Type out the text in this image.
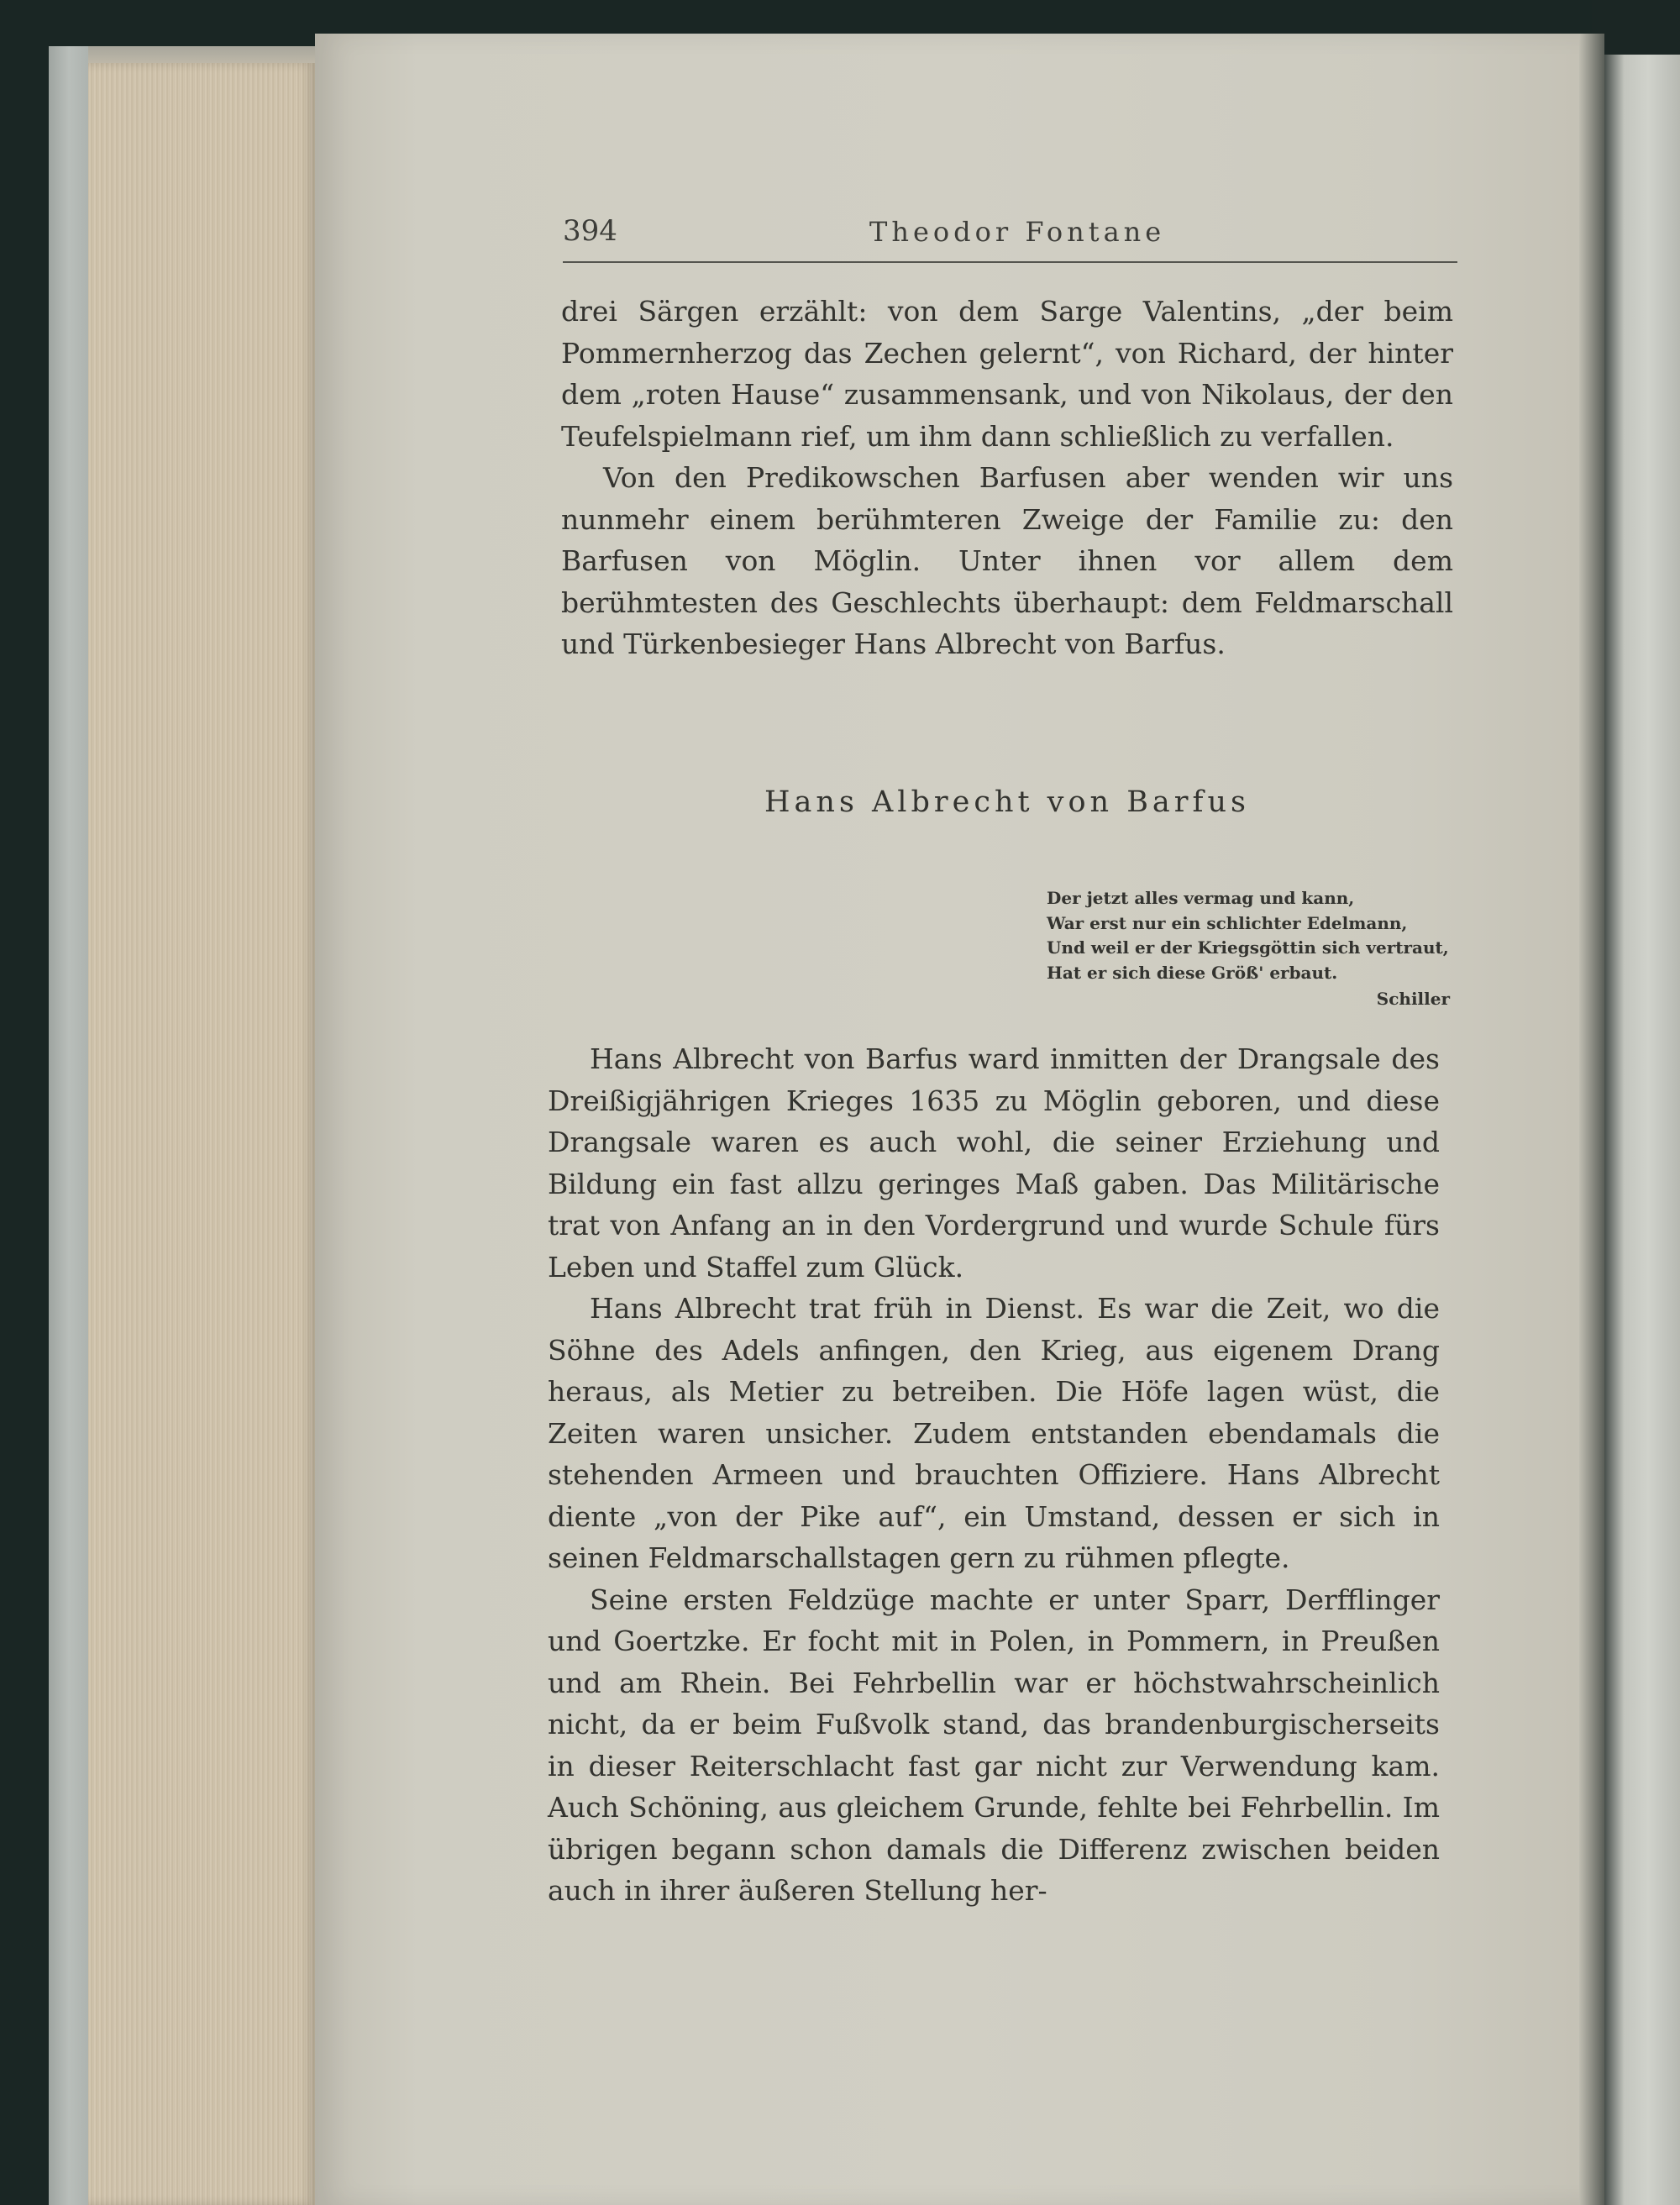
394	Theodor Fontane

drei Särgen erzählt: von dem Sarge Valentins, „der beim Pommernherzog das Zechen gelernt“, von Richard, der hinter dem „roten Hause“ zusammensank, und von Nikolaus, der den Teufelspielmann rief, um ihm dann schließlich zu verfallen.

Von den Predikowschen Barfusen aber wenden wir uns nunmehr einem berühmteren Zweige der Familie zu: den Barfusen von Möglin. Unter ihnen vor allem dem berühmtesten des Geschlechts überhaupt: dem Feldmarschall und Türkenbesieger Hans Albrecht von Barfus.

Hans Albrecht von Barfus
Der jetzt alles vermag und kann,
War erst nur ein schlichter Edelmann,
Und weil er der Kriegsgöttin sich vertraut,
Hat er sich diese Größ' erbaut.
Schiller

Hans Albrecht von Barfus ward inmitten der Drangsale des Dreißigjährigen Krieges 1635 zu Möglin geboren, und diese Drangsale waren es auch wohl, die seiner Erziehung und Bildung ein fast allzu geringes Maß gaben. Das Militärische trat von Anfang an in den Vordergrund und wurde Schule fürs Leben und Staffel zum Glück.

Hans Albrecht trat früh in Dienst. Es war die Zeit, wo die Söhne des Adels anfingen, den Krieg, aus eigenem Drang heraus, als Metier zu betreiben. Die Höfe lagen wüst, die Zeiten waren unsicher. Zudem entstanden ebendamals die stehenden Armeen und brauchten Offiziere. Hans Albrecht diente „von der Pike auf“, ein Umstand, dessen er sich in seinen Feldmarschallstagen gern zu rühmen pflegte.

Seine ersten Feldzüge machte er unter Sparr, Derfflinger und Goertzke. Er focht mit in Polen, in Pommern, in Preußen und am Rhein. Bei Fehrbellin war er höchstwahrscheinlich nicht, da er beim Fußvolk stand, das brandenburgischerseits in dieser Reiterschlacht fast gar nicht zur Verwendung kam. Auch Schöning, aus gleichem Grunde, fehlte bei Fehrbellin. Im übrigen begann schon damals die Differenz zwischen beiden auch in ihrer äußeren Stellung her-
